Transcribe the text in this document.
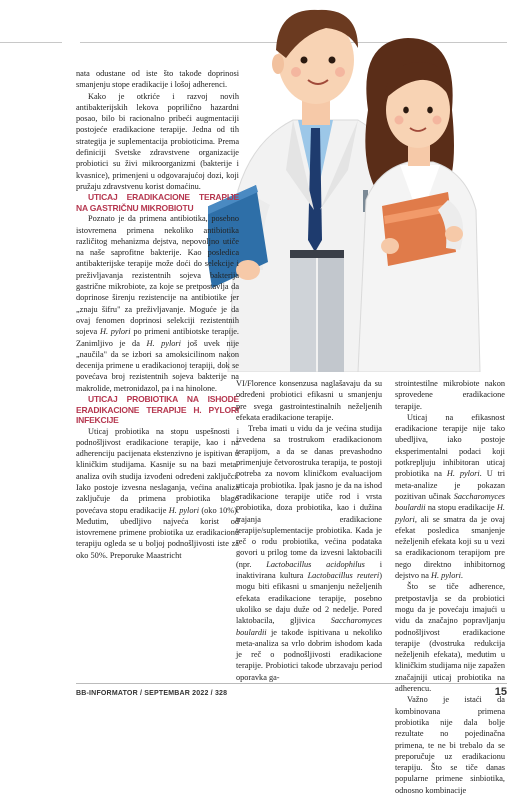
nata odustane od iste što takođe doprinosi smanjenju stope eradikacije i lošoj adherenci.

Kako je otkriće i razvoj novih antibakterijskih lekova poprilično hazardni posao, bilo bi racionalno pribeći augmentaciji postojeće eradikacione terapije. Jedna od tih strategija je suplementacija probioticima. Prema definiciji Svetske zdravstvene organizacije probiotici su živi mikroorganizmi (bakterije i kvasnice), primenjeni u odgovarajućoj dozi, koji pružaju zdravstvenu korist domaćinu.

UTICAJ ERADIKACIONE TERAPIJE NA GASTRIČNU MIKROBIOTU

Poznato je da primena antibiotika, posebno istovremena primena nekoliko antibiotika različitog mehanizma dejstva, nepovoljno utiče na naše saprofitne bakterije. Kao posledica antibakterijske terapije može doći do selekcije i preživljavanja rezistentnih sojeva bakterija gastrične mikrobiote, za koje se pretpostavlja da doprinose širenju rezistencije na antibiotike jer „znaju šifru" za preživljavanje. Moguće je da ovaj fenomen doprinosi selekciji rezistentnih sojeva H. pylori po primeni antibiotske terapije. Zanimljivo je da H. pylori još uvek nije „naučila" da se izbori sa amoksicilinom nakon decenija primene u eradikacionoj terapiji, dok se povećava broj rezistentnih sojeva bakterije na makrolide, metronidazol, pa i na hinolone.

UTICAJ PROBIOTIKA NA ISHODE ERADIKACIONE TERAPIJE H. PYLORI INFEKCIJE

Uticaj probiotika na stopu uspešnosti i podnošljivost eradikacione terapije, kao i na adherenciju pacijenata ekstenzivno je ispitivan u kliničkim studijama. Kasnije su na bazi meta-analiza ovih studija izvođeni određeni zaključci. Iako postoje izvesna neslaganja, većina analiza zaključuje da primena probiotika blago povećava stopu eradikacije H. pylori (oko 10%). Međutim, ubedljivo najveća korist od istovremene primene probiotika uz eradikacionu terapiju ogleda se u boljoj podnošljivosti iste za oko 50%. Preporuke Maastricht

VI/Florence konsenzusa naglašavaju da su određeni probiotici efikasni u smanjenju pre svega gastrointestinalnih neželjenih efekata eradikacione terapije.

Treba imati u vidu da je većina studija izvedena sa trostrukom eradikacionom terapijom, a da se danas prevashodno primenjuje četvorostruka terapija, te postoji potreba za novom kliničkom evaluacijom uticaja probiotika. Ipak jasno je da na ishod eradikacione terapije utiče rod i vrsta probiotika, doza probiotika, kao i dužina trajanja eradikacione terapije/suplementacije probiotika. Kada je reč o rodu probiotika, većina podataka govori u prilog tome da izvesni laktobacili (npr. Lactobacillus acidophilus i inaktivirana kultura Lactobacillus reuteri) mogu biti efikasni u smanjenju neželjenih efekata eradikacione terapije, posebno ukoliko se daju duže od 2 nedelje. Pored laktobacila, gljivica Saccharomyces boulardii je takođe ispitivana u nekoliko meta-analiza sa vrlo dobrim ishodom kada je reč o podnošljivosti eradikacione terapije. Probiotici takođe ubrzavaju period oporavka ga-

strointestilne mikrobiote nakon sprovedene eradikacione terapije.

Uticaj na efikasnost eradikacione terapije nije tako ubedljiva, iako postoje eksperimentalni podaci koji potkrepljuju inhibitoran uticaj probiotika na H. pylori. U tri meta-analize je pokazan pozitivan učinak Saccharomyces boulardii na stopu eradikacije H. pylori, ali se smatra da je ovaj efekat posledica smanjenje neželjenih efekata koji su u vezi sa eradikacionom terapijom pre nego direktno inhibitornog dejstvo na H. pylori.

Što se tiče adherence, pretpostavlja se da probiotici mogu da je povećaju imajući u vidu da značajno popravljanju podnošljivost eradikacione terapije (dvostruka redukcija neželjenih efekata), međutim u kliničkim studijama nije zapažen značajniji uticaj probiotika na adherencu.

Važno je istaći da kombinovana primena probiotika nije dala bolje rezultate no pojedinačna primena, te ne bi trebalo da se preporučuje uz eradikacionu terapiju. Što se tiče danas popularne primene sinbiotika, odnosno kombinacije

BB-INFORMATOR / SEPTEMBAR 2022 / 328	15
